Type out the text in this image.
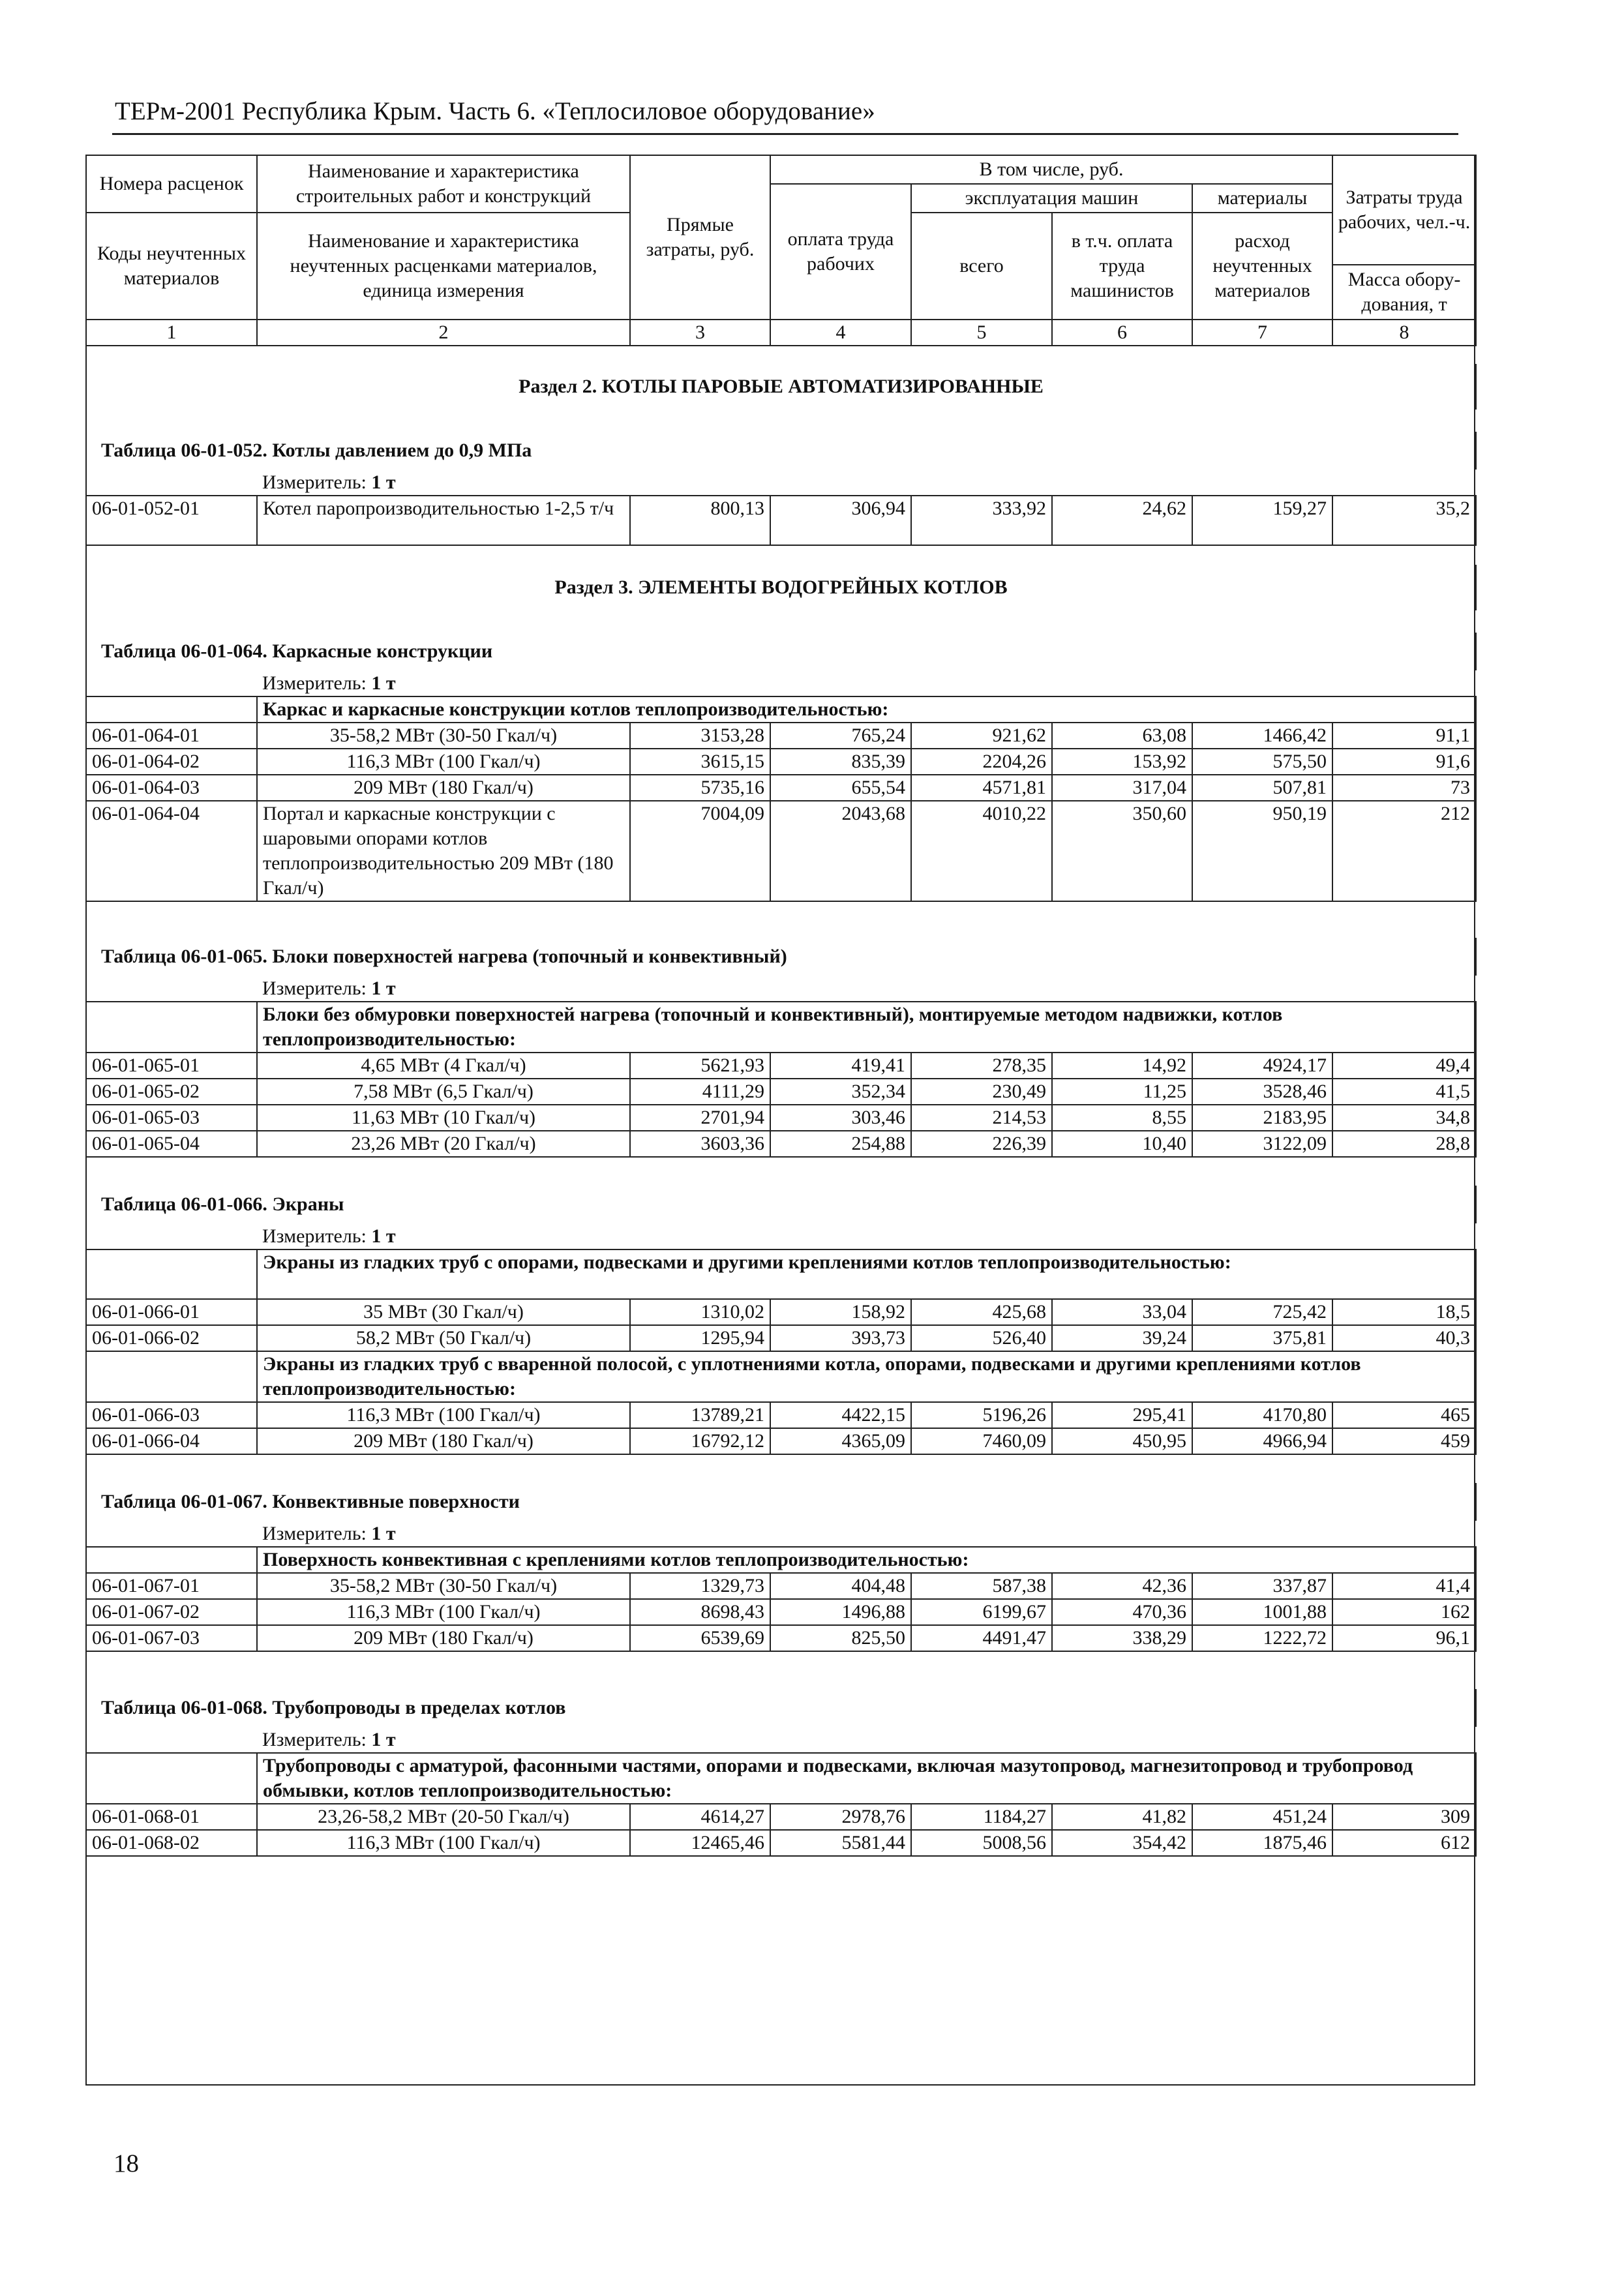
ТЕРм-2001 Республика Крым. Часть 6. «Теплосиловое оборудование»
Номера расценок	Наименование и характеристика строительных работ и конструкций	Прямые затраты, руб.	В том числе, руб.				Затраты труда рабочих, чел.-ч.
			оплата труда рабочих	эксплуатация машин		материалы	
Коды неучтенных материалов	Наименование и характеристика неучтенных расценками материалов, единица измерения			всего	в т.ч. оплата труда машинистов	расход неучтенных материалов	
							Масса обору-дования, т
1	2	3	4	5	6	7	8

Раздел 2. КОТЛЫ ПАРОВЫЕ АВТОМАТИЗИРОВАННЫЕ							

Таблица 06-01-052. Котлы давлением до 0,9 МПа							
	Измеритель: 1 т						
06-01-052-01	Котел паропроизводительностью 1-2,5 т/ч	800,13	306,94	333,92	24,62	159,27	35,2

Раздел 3. ЭЛЕМЕНТЫ ВОДОГРЕЙНЫХ КОТЛОВ							

Таблица 06-01-064. Каркасные конструкции							
	Измеритель: 1 т						
	Каркас и каркасные конструкции котлов теплопроизводительностью:						
06-01-064-01	35-58,2 МВт (30-50 Гкал/ч)	3153,28	765,24	921,62	63,08	1466,42	91,1
06-01-064-02	116,3 МВт (100 Гкал/ч)	3615,15	835,39	2204,26	153,92	575,50	91,6
06-01-064-03	209 МВт (180 Гкал/ч)	5735,16	655,54	4571,81	317,04	507,81	73
06-01-064-04	Портал и каркасные конструкции с шаровыми опорами котлов теплопроизводительностью 209 МВт (180 Гкал/ч)	7004,09	2043,68	4010,22	350,60	950,19	212

Таблица 06-01-065. Блоки поверхностей нагрева (топочный и конвективный)							
	Измеритель: 1 т						
	Блоки без обмуровки поверхностей нагрева (топочный и конвективный), монтируемые методом надвижки, котлов теплопроизводительностью:						
06-01-065-01	4,65 МВт (4 Гкал/ч)	5621,93	419,41	278,35	14,92	4924,17	49,4
06-01-065-02	7,58 МВт (6,5 Гкал/ч)	4111,29	352,34	230,49	11,25	3528,46	41,5
06-01-065-03	11,63 МВт (10 Гкал/ч)	2701,94	303,46	214,53	8,55	2183,95	34,8
06-01-065-04	23,26 МВт (20 Гкал/ч)	3603,36	254,88	226,39	10,40	3122,09	28,8

Таблица 06-01-066. Экраны							
	Измеритель: 1 т						
	Экраны из гладких труб с опорами, подвесками и другими креплениями котлов теплопроизводительностью:						
06-01-066-01	35 МВт (30 Гкал/ч)	1310,02	158,92	425,68	33,04	725,42	18,5
06-01-066-02	58,2 МВт (50 Гкал/ч)	1295,94	393,73	526,40	39,24	375,81	40,3
	Экраны из гладких труб с вваренной полосой, с уплотнениями котла, опорами, подвесками и другими креплениями котлов теплопроизводительностью:						
06-01-066-03	116,3 МВт (100 Гкал/ч)	13789,21	4422,15	5196,26	295,41	4170,80	465
06-01-066-04	209 МВт (180 Гкал/ч)	16792,12	4365,09	7460,09	450,95	4966,94	459

Таблица 06-01-067. Конвективные поверхности							
	Измеритель: 1 т						
	Поверхность конвективная с креплениями котлов теплопроизводительностью:						
06-01-067-01	35-58,2 МВт (30-50 Гкал/ч)	1329,73	404,48	587,38	42,36	337,87	41,4
06-01-067-02	116,3 МВт (100 Гкал/ч)	8698,43	1496,88	6199,67	470,36	1001,88	162
06-01-067-03	209 МВт (180 Гкал/ч)	6539,69	825,50	4491,47	338,29	1222,72	96,1

Таблица 06-01-068. Трубопроводы в пределах котлов							
	Измеритель: 1 т						
	Трубопроводы с арматурой, фасонными частями, опорами и подвесками, включая мазутопровод, магнезитопровод и трубопровод обмывки, котлов теплопроизводительностью:						
06-01-068-01	23,26-58,2 МВт (20-50 Гкал/ч)	4614,27	2978,76	1184,27	41,82	451,24	309
06-01-068-02	116,3 МВт (100 Гкал/ч)	12465,46	5581,44	5008,56	354,42	1875,46	612
18
